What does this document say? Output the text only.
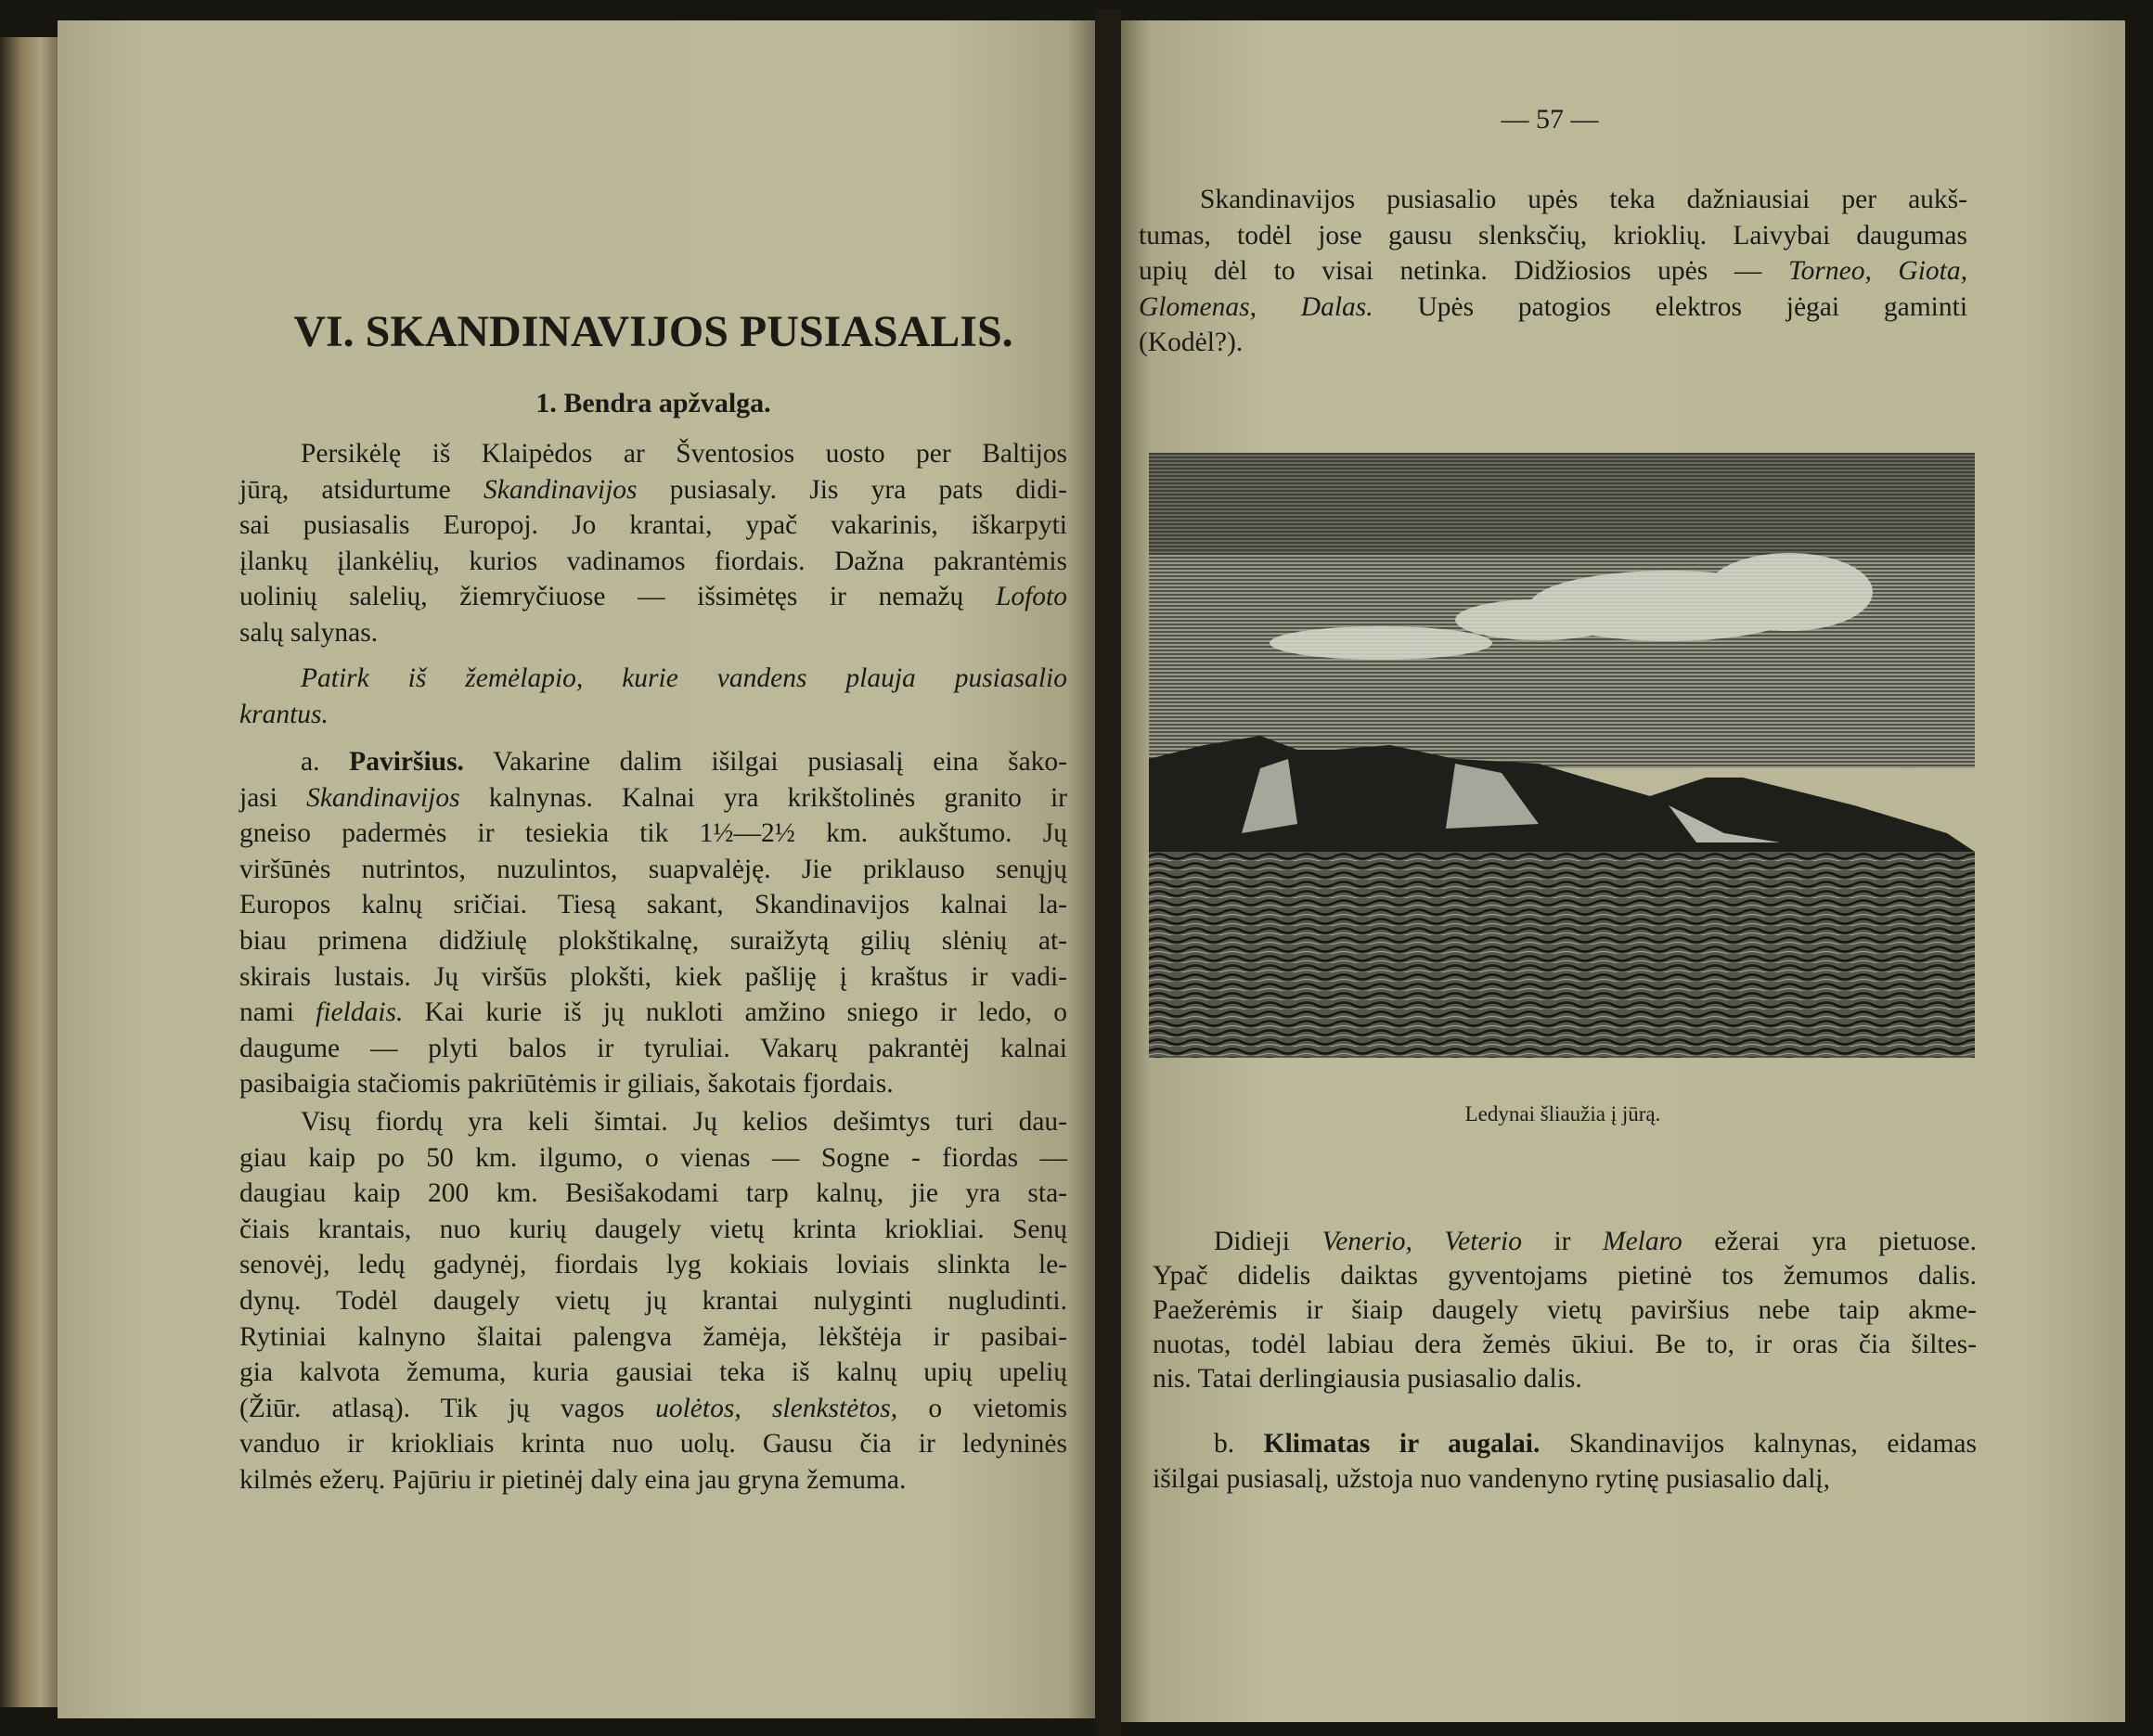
VI. SKANDINAVIJOS PUSIASALIS.
1. Bendra apžvalga.
Persikėlę iš Klaipėdos ar Šventosios uosto per Baltijos
jūrą, atsidurtume Skandinavijos pusiasaly. Jis yra pats didi-
sai pusiasalis Europoj. Jo krantai, ypač vakarinis, iškarpyti
įlankų įlankėlių, kurios vadinamos fiordais. Dažna pakrantėmis
uolinių salelių, žiemryčiuose — išsimėtęs ir nemažų Lofoto
salų salynas.
Patirk iš žemėlapio, kurie vandens plauja pusiasalio
krantus.
a. Paviršius. Vakarine dalim išilgai pusiasalį eina šako-
jasi Skandinavijos kalnynas. Kalnai yra krikštolinės granito ir
gneiso padermės ir tesiekia tik 1½—2½ km. aukštumo. Jų
viršūnės nutrintos, nuzulintos, suapvalėję. Jie priklauso senųjų
Europos kalnų sričiai. Tiesą sakant, Skandinavijos kalnai la-
biau primena didžiulę plokštikalnę, suraižytą gilių slėnių at-
skirais lustais. Jų viršūs plokšti, kiek pašliję į kraštus ir vadi-
nami fieldais. Kai kurie iš jų nukloti amžino sniego ir ledo, o
daugume — plyti balos ir tyruliai. Vakarų pakrantėj kalnai
pasibaigia stačiomis pakriūtėmis ir giliais, šakotais fjordais.
Visų fiordų yra keli šimtai. Jų kelios dešimtys turi dau-
giau kaip po 50 km. ilgumo, o vienas — Sogne - fiordas —
daugiau kaip 200 km. Besišakodami tarp kalnų, jie yra sta-
čiais krantais, nuo kurių daugely vietų krinta kriokliai. Senų
senovėj, ledų gadynėj, fiordais lyg kokiais loviais slinkta le-
dynų. Todėl daugely vietų jų krantai nulyginti nugludinti.
Rytiniai kalnyno šlaitai palengva žamėja, lėkštėja ir pasibai-
gia kalvota žemuma, kuria gausiai teka iš kalnų upių upelių
(Žiūr. atlasą). Tik jų vagos uolėtos, slenkstėtos, o vietomis
vanduo ir kriokliais krinta nuo uolų. Gausu čia ir ledyninės
kilmės ežerų. Pajūriu ir pietinėj daly eina jau gryna žemuma.
— 57 —
Skandinavijos pusiasalio upės teka dažniausiai per aukš-
tumas, todėl jose gausu slenksčių, krioklių. Laivybai daugumas
upių dėl to visai netinka. Didžiosios upės — Torneo, Giota,
Glomenas, Dalas. Upės patogios elektros jėgai gaminti
(Kodėl?).
Ledynai šliaužia į jūrą.
Didieji Venerio, Veterio ir Melaro ežerai yra pietuose.
Ypač didelis daiktas gyventojams pietinė tos žemumos dalis.
Paežerėmis ir šiaip daugely vietų paviršius nebe taip akme-
nuotas, todėl labiau dera žemės ūkiui. Be to, ir oras čia šiltes-
nis. Tatai derlingiausia pusiasalio dalis.
b. Klimatas ir augalai. Skandinavijos kalnynas, eidamas
išilgai pusiasalį, užstoja nuo vandenyno rytinę pusiasalio dalį,
